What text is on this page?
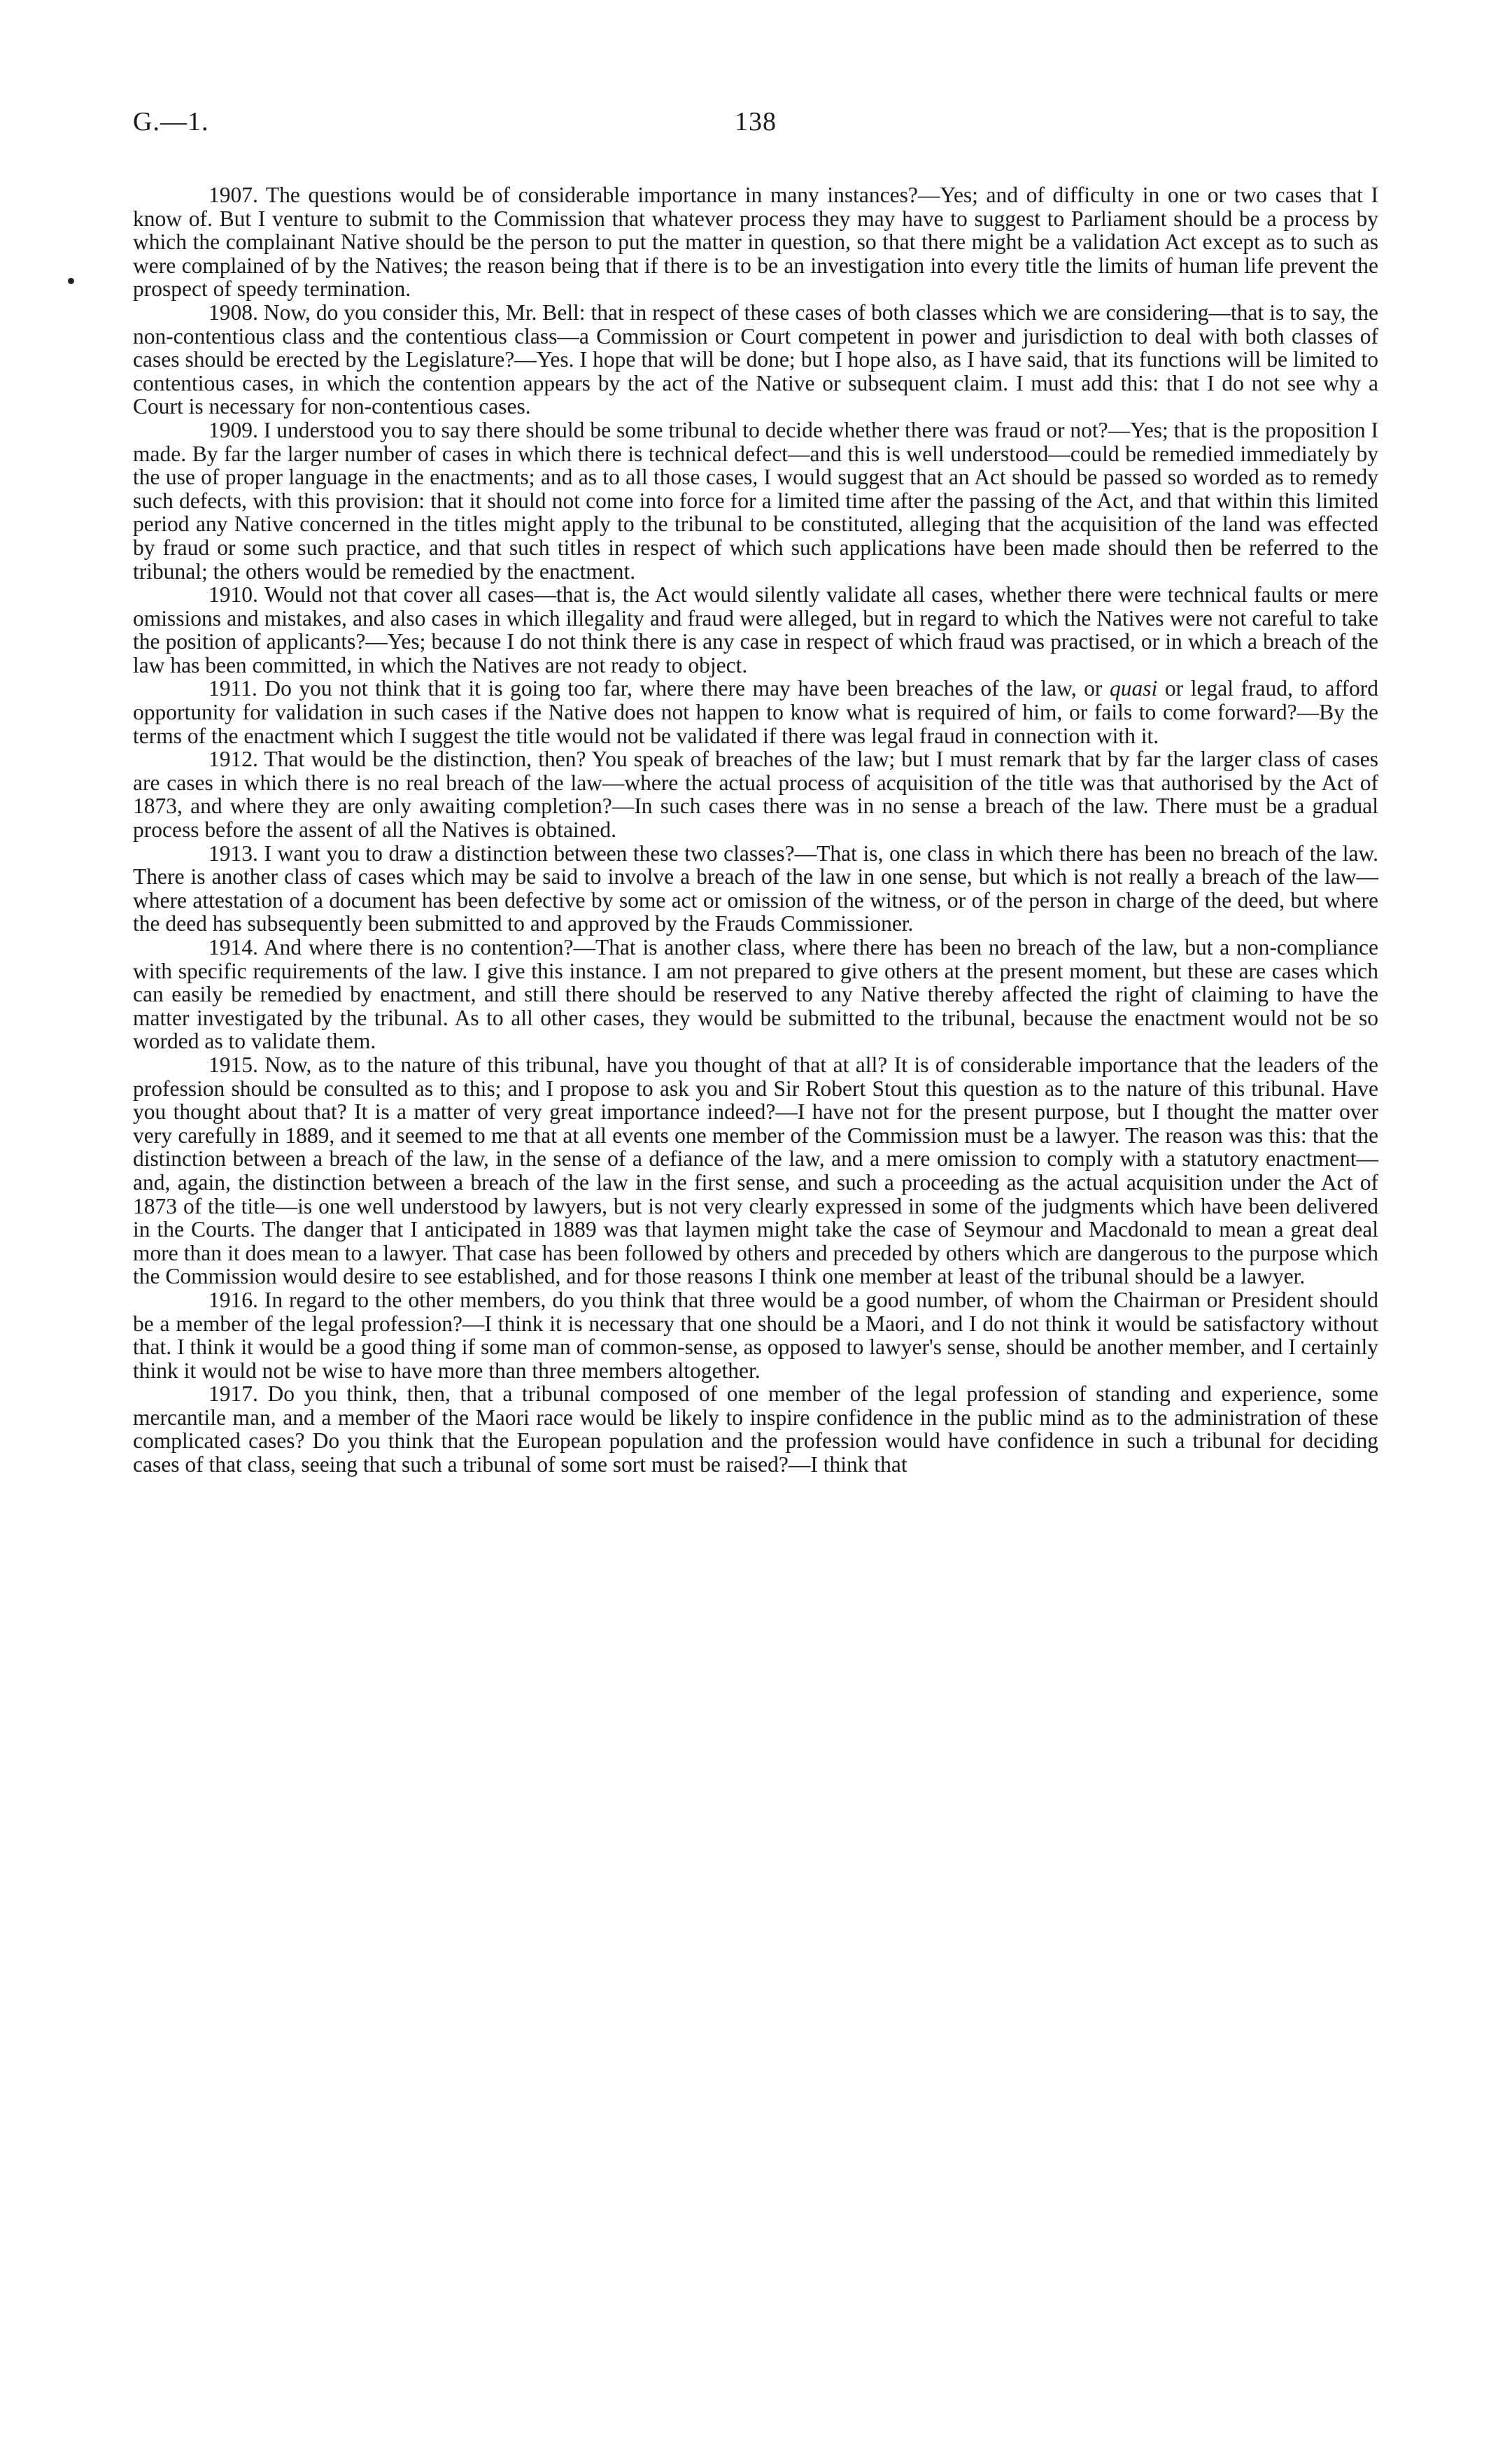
G.—1.	138

1907. The questions would be of considerable importance in many instances?—Yes; and of difficulty in one or two cases that I know of. But I venture to submit to the Commission that whatever process they may have to suggest to Parliament should be a process by which the complainant Native should be the person to put the matter in question, so that there might be a validation Act except as to such as were complained of by the Natives; the reason being that if there is to be an investigation into every title the limits of human life prevent the prospect of speedy termination.

1908. Now, do you consider this, Mr. Bell: that in respect of these cases of both classes which we are considering—that is to say, the non-contentious class and the contentious class—a Commission or Court competent in power and jurisdiction to deal with both classes of cases should be erected by the Legislature?—Yes. I hope that will be done; but I hope also, as I have said, that its functions will be limited to contentious cases, in which the contention appears by the act of the Native or subsequent claim. I must add this: that I do not see why a Court is necessary for non-contentious cases.

1909. I understood you to say there should be some tribunal to decide whether there was fraud or not?—Yes; that is the proposition I made. By far the larger number of cases in which there is technical defect—and this is well understood—could be remedied immediately by the use of proper language in the enactments; and as to all those cases, I would suggest that an Act should be passed so worded as to remedy such defects, with this provision: that it should not come into force for a limited time after the passing of the Act, and that within this limited period any Native concerned in the titles might apply to the tribunal to be constituted, alleging that the acquisition of the land was effected by fraud or some such practice, and that such titles in respect of which such applications have been made should then be referred to the tribunal; the others would be remedied by the enactment.

1910. Would not that cover all cases—that is, the Act would silently validate all cases, whether there were technical faults or mere omissions and mistakes, and also cases in which illegality and fraud were alleged, but in regard to which the Natives were not careful to take the position of applicants?—Yes; because I do not think there is any case in respect of which fraud was practised, or in which a breach of the law has been committed, in which the Natives are not ready to object.

1911. Do you not think that it is going too far, where there may have been breaches of the law, or quasi or legal fraud, to afford opportunity for validation in such cases if the Native does not happen to know what is required of him, or fails to come forward?—By the terms of the enactment which I suggest the title would not be validated if there was legal fraud in connection with it.

1912. That would be the distinction, then? You speak of breaches of the law; but I must remark that by far the larger class of cases are cases in which there is no real breach of the law—where the actual process of acquisition of the title was that authorised by the Act of 1873, and where they are only awaiting completion?—In such cases there was in no sense a breach of the law. There must be a gradual process before the assent of all the Natives is obtained.

1913. I want you to draw a distinction between these two classes?—That is, one class in which there has been no breach of the law. There is another class of cases which may be said to involve a breach of the law in one sense, but which is not really a breach of the law—where attestation of a document has been defective by some act or omission of the witness, or of the person in charge of the deed, but where the deed has subsequently been submitted to and approved by the Frauds Commissioner.

1914. And where there is no contention?—That is another class, where there has been no breach of the law, but a non-compliance with specific requirements of the law. I give this instance. I am not prepared to give others at the present moment, but these are cases which can easily be remedied by enactment, and still there should be reserved to any Native thereby affected the right of claiming to have the matter investigated by the tribunal. As to all other cases, they would be submitted to the tribunal, because the enactment would not be so worded as to validate them.

1915. Now, as to the nature of this tribunal, have you thought of that at all? It is of considerable importance that the leaders of the profession should be consulted as to this; and I propose to ask you and Sir Robert Stout this question as to the nature of this tribunal. Have you thought about that? It is a matter of very great importance indeed?—I have not for the present purpose, but I thought the matter over very carefully in 1889, and it seemed to me that at all events one member of the Commission must be a lawyer. The reason was this: that the distinction between a breach of the law, in the sense of a defiance of the law, and a mere omission to comply with a statutory enactment—and, again, the distinction between a breach of the law in the first sense, and such a proceeding as the actual acquisition under the Act of 1873 of the title—is one well understood by lawyers, but is not very clearly expressed in some of the judgments which have been delivered in the Courts. The danger that I anticipated in 1889 was that laymen might take the case of Seymour and Macdonald to mean a great deal more than it does mean to a lawyer. That case has been followed by others and preceded by others which are dangerous to the purpose which the Commission would desire to see established, and for those reasons I think one member at least of the tribunal should be a lawyer.

1916. In regard to the other members, do you think that three would be a good number, of whom the Chairman or President should be a member of the legal profession?—I think it is necessary that one should be a Maori, and I do not think it would be satisfactory without that. I think it would be a good thing if some man of common-sense, as opposed to lawyer's sense, should be another member, and I certainly think it would not be wise to have more than three members altogether.

1917. Do you think, then, that a tribunal composed of one member of the legal profession of standing and experience, some mercantile man, and a member of the Maori race would be likely to inspire confidence in the public mind as to the administration of these complicated cases? Do you think that the European population and the profession would have confidence in such a tribunal for deciding cases of that class, seeing that such a tribunal of some sort must be raised?—I think that
